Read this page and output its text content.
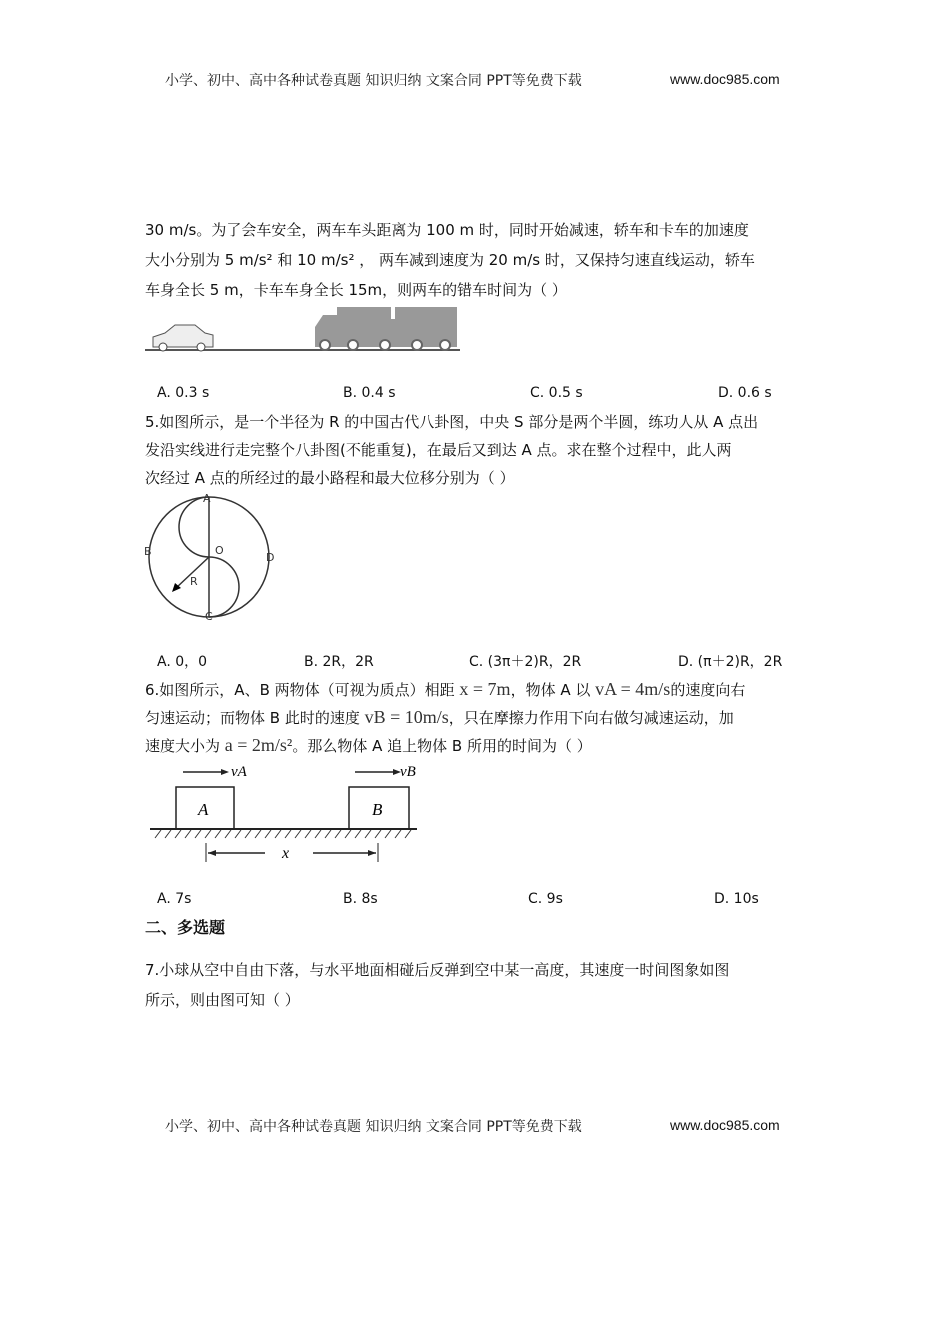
小学、初中、高中各种试卷真题 知识归纳 文案合同 PPT等免费下载	www.doc985.com
30 m/s。为了会车安全，两车车头距离为 100 m 时，同时开始减速，轿车和卡车的加速度
大小分别为 5 m/s² 和 10 m/s² ， 两车减到速度为 20 m/s 时，又保持匀速直线运动，轿车
车身全长 5 m，卡车车身全长 15m，则两车的错车时间为（ ）
A. 0.3 s	B. 0.4 s	C. 0.5 s	D. 0.6 s
5.如图所示，是一个半径为 R 的中国古代八卦图，中央 S 部分是两个半圆，练功人从 A 点出
发沿实线进行走完整个八卦图(不能重复)，在最后又到达 A 点。求在整个过程中，此人两
次经过 A 点的所经过的最小路程和最大位移分别为（ ）
A
B
C
D
O
R
A. 0，0	B. 2R，2R	C. (3π＋2)R，2R	D. (π＋2)R，2R
6.如图所示，A、B 两物体（可视为质点）相距 x = 7m，物体 A 以 vA = 4m/s的速度向右
匀速运动；而物体 B 此时的速度 vB = 10m/s，只在摩擦力作用下向右做匀减速运动，加
速度大小为 a = 2m/s²。那么物体 A 追上物体 B 所用的时间为（ ）
vA	vB
A	B
x
A. 7s	B. 8s	C. 9s	D. 10s
二、多选题
7.小球从空中自由下落，与水平地面相碰后反弹到空中某一高度，其速度一时间图象如图
所示，则由图可知（ ）
小学、初中、高中各种试卷真题 知识归纳 文案合同 PPT等免费下载	www.doc985.com
